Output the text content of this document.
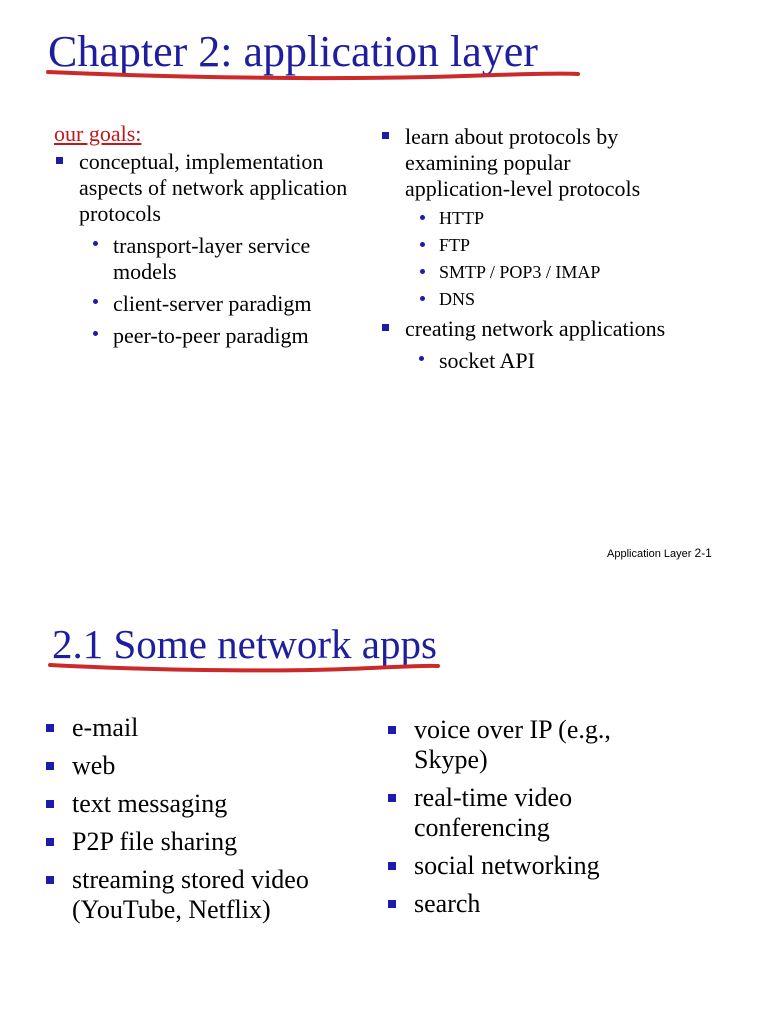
Chapter 2: application layer
our goals:
conceptual, implementation aspects of network application protocols
transport-layer service models
client-server paradigm
peer-to-peer paradigm
learn about protocols by examining popular application-level protocols
HTTP
FTP
SMTP / POP3 / IMAP
DNS
creating network applications
socket API
Application Layer 2-1
2.1 Some network apps
e-mail
web
text messaging
P2P file sharing
streaming stored video (YouTube, Netflix)
voice over IP (e.g., Skype)
real-time video conferencing
social networking
search
